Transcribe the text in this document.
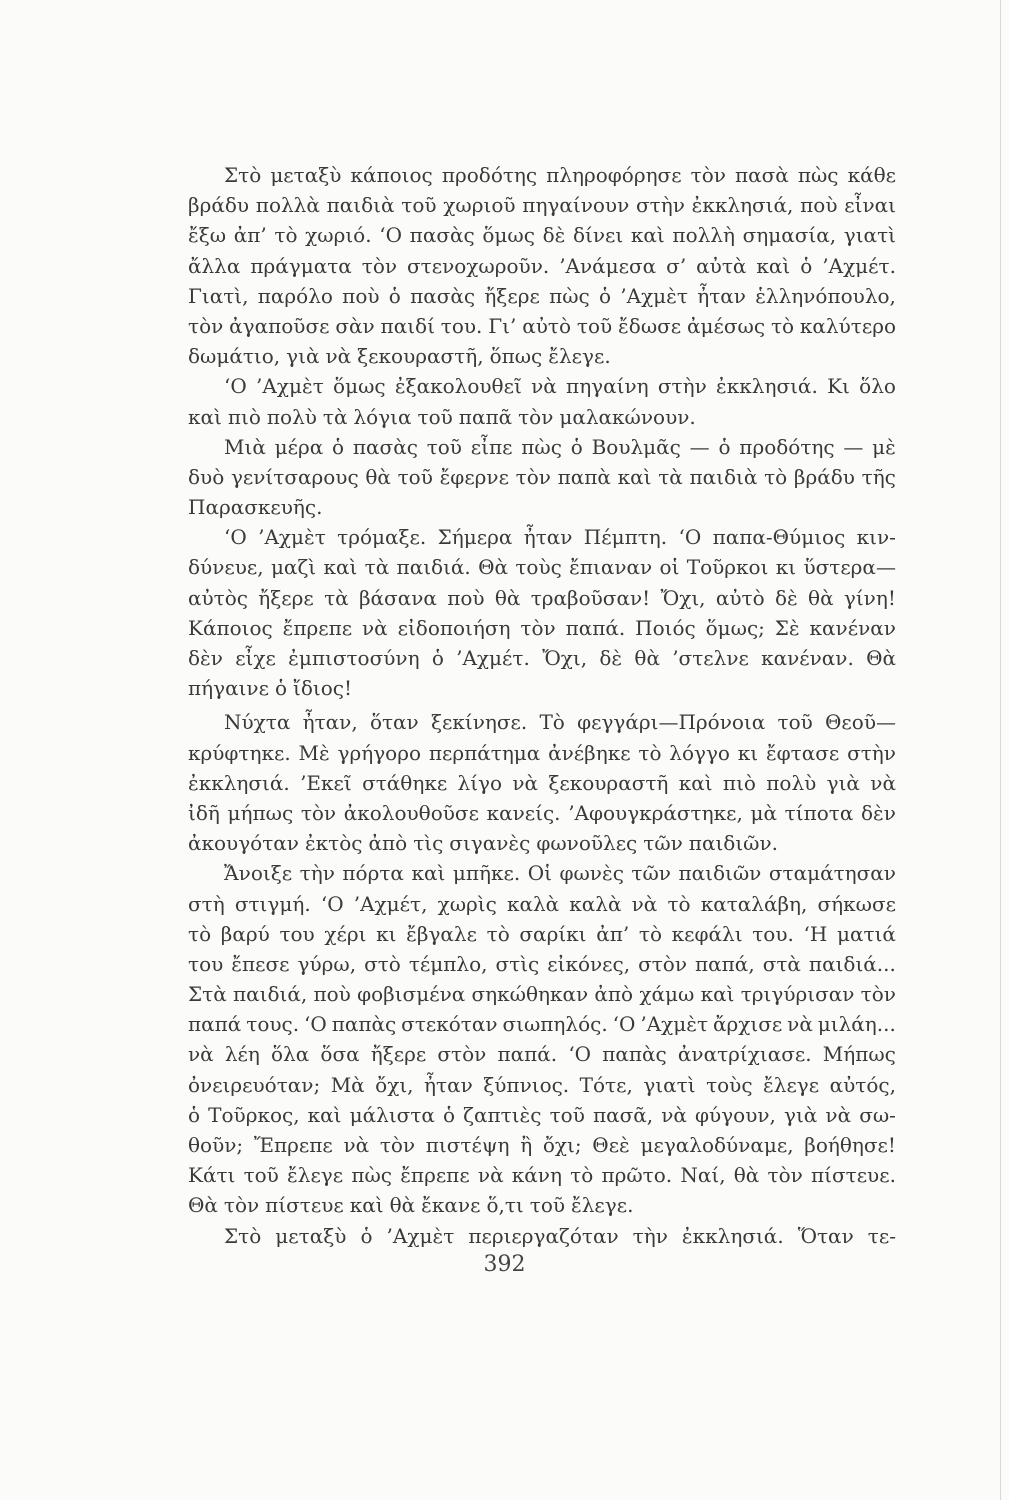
Στὸ μεταξὺ κάποιος προδότης πληροφόρησε τὸν πασὰ πὼς κάθε
βράδυ πολλὰ παιδιὰ τοῦ χωριοῦ πηγαίνουν στὴν ἐκκλησιά, ποὺ εἶναι
ἔξω ἀπ’ τὸ χωριό. ‘Ο πασὰς ὅμως δὲ δίνει καὶ πολλὴ σημασία, γιατὶ
ἄλλα πράγματα τὸν στενοχωροῦν. ’Ανάμεσα σ’ αὐτὰ καὶ ὁ ’Αχμέτ.
Γιατὶ, παρόλο ποὺ ὁ πασὰς ἤξερε πὼς ὁ ’Αχμὲτ ἦταν ἑλληνόπουλο,
τὸν ἀγαποῦσε σὰν παιδί του. Γι’ αὐτὸ τοῦ ἔδωσε ἀμέσως τὸ καλύτερο
δωμάτιο, γιὰ νὰ ξεκουραστῆ, ὅπως ἔλεγε.
‘Ο ’Αχμὲτ ὅμως ἐξακολουθεῖ νὰ πηγαίνη στὴν ἐκκλησιά. Κι ὅλο
καὶ πιὸ πολὺ τὰ λόγια τοῦ παπᾶ τὸν μαλακώνουν.
Μιὰ μέρα ὁ πασὰς τοῦ εἶπε πὼς ὁ Βουλμᾶς — ὁ προδότης — μὲ
δυὸ γενίτσαρους θὰ τοῦ ἔφερνε τὸν παπὰ καὶ τὰ παιδιὰ τὸ βράδυ τῆς
Παρασκευῆς.
‘Ο ’Αχμὲτ τρόμαξε. Σήμερα ἦταν Πέμπτη. ‘Ο παπα-Θύμιος κιν-
δύνευε, μαζὶ καὶ τὰ παιδιά. Θὰ τοὺς ἔπιαναν οἱ Τοῦρκοι κι ὕστερα—
αὐτὸς ἤξερε τὰ βάσανα ποὺ θὰ τραβοῦσαν! Ὄχι, αὐτὸ δὲ θὰ γίνη!
Κάποιος ἔπρεπε νὰ εἰδοποιήση τὸν παπά. Ποιός ὅμως; Σὲ κανέναν
δὲν εἶχε ἐμπιστοσύνη ὁ ’Αχμέτ. Ὄχι, δὲ θὰ ’στελνε κανέναν. Θὰ
πήγαινε ὁ ἴδιος!
Νύχτα ἦταν, ὅταν ξεκίνησε. Τὸ φεγγάρι—Πρόνοια τοῦ Θεοῦ—
κρύφτηκε. Μὲ γρήγορο περπάτημα ἀνέβηκε τὸ λόγγο κι ἔφτασε στὴν
ἐκκλησιά. ’Εκεῖ στάθηκε λίγο νὰ ξεκουραστῆ καὶ πιὸ πολὺ γιὰ νὰ
ἰδῆ μήπως τὸν ἀκολουθοῦσε κανείς. ’Αφουγκράστηκε, μὰ τίποτα δὲν
ἀκουγόταν ἐκτὸς ἀπὸ τὶς σιγανὲς φωνοῦλες τῶν παιδιῶν.
Ἄνοιξε τὴν πόρτα καὶ μπῆκε. Οἱ φωνὲς τῶν παιδιῶν σταμάτησαν
στὴ στιγμή. ‘Ο ’Αχμέτ, χωρὶς καλὰ καλὰ νὰ τὸ καταλάβη, σήκωσε
τὸ βαρύ του χέρι κι ἔβγαλε τὸ σαρίκι ἀπ’ τὸ κεφάλι του. ‘Η ματιά
του ἔπεσε γύρω, στὸ τέμπλο, στὶς εἰκόνες, στὸν παπά, στὰ παιδιά...
Στὰ παιδιά, ποὺ φοβισμένα σηκώθηκαν ἀπὸ χάμω καὶ τριγύρισαν τὸν
παπά τους. ‘Ο παπὰς στεκόταν σιωπηλός. ‘Ο ’Αχμὲτ ἄρχισε νὰ μιλάη...
νὰ λέη ὅλα ὅσα ἤξερε στὸν παπά. ‘Ο παπὰς ἀνατρίχιασε. Μήπως
ὀνειρευόταν; Μὰ ὄχι, ἦταν ξύπνιος. Τότε, γιατὶ τοὺς ἔλεγε αὐτός,
ὁ Τοῦρκος, καὶ μάλιστα ὁ ζαπτιὲς τοῦ πασᾶ, νὰ φύγουν, γιὰ νὰ σω-
θοῦν; Ἔπρεπε νὰ τὸν πιστέψη ἢ ὄχι; Θεὲ μεγαλοδύναμε, βοήθησε!
Κάτι τοῦ ἔλεγε πὼς ἔπρεπε νὰ κάνη τὸ πρῶτο. Ναί, θὰ τὸν πίστευε.
Θὰ τὸν πίστευε καὶ θὰ ἔκανε ὅ,τι τοῦ ἔλεγε.
Στὸ μεταξὺ ὁ ’Αχμὲτ περιεργαζόταν τὴν ἐκκλησιά. Ὅταν τε-
392
